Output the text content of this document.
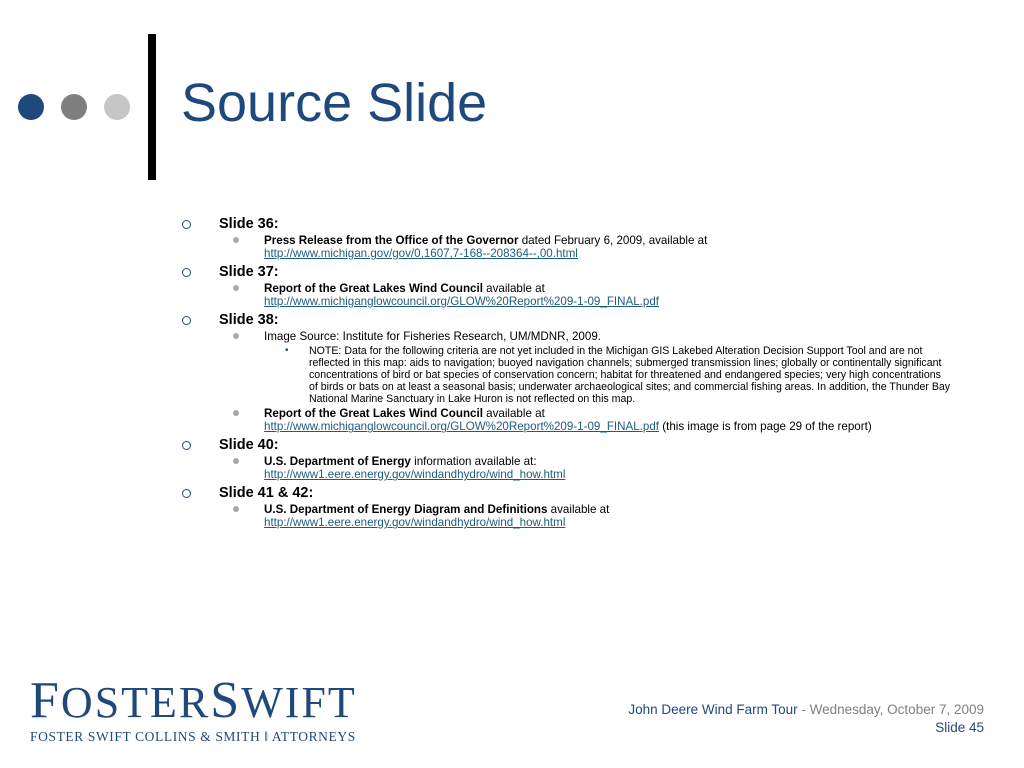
Source Slide
Slide 36:
Press Release from the Office of the Governor dated February 6, 2009, available at
http://www.michigan.gov/gov/0,1607,7-168--208364--,00.html
Slide 37:
Report of the Great Lakes Wind Council available at
http://www.michiganglowcouncil.org/GLOW%20Report%209-1-09_FINAL.pdf
Slide 38:
Image Source: Institute for Fisheries Research, UM/MDNR, 2009.
• NOTE: Data for the following criteria are not yet included in the Michigan GIS Lakebed Alteration Decision Support Tool and are not reflected in this map: aids to navigation; buoyed navigation channels; submerged transmission lines; globally or continentally significant concentrations of bird or bat species of conservation concern; habitat for threatened and endangered species; very high concentrations of birds or bats on at least a seasonal basis; underwater archaeological sites; and commercial fishing areas. In addition, the Thunder Bay National Marine Sanctuary in Lake Huron is not reflected on this map.
Report of the Great Lakes Wind Council available at
http://www.michiganglowcouncil.org/GLOW%20Report%209-1-09_FINAL.pdf (this image is from page 29 of the report)
Slide 40:
U.S. Department of Energy information available at:
http://www1.eere.energy.gov/windandhydro/wind_how.html
Slide 41 & 42:
U.S. Department of Energy Diagram and Definitions available at
http://www1.eere.energy.gov/windandhydro/wind_how.html
FOSTERSWIFT
FOSTER SWIFT COLLINS & SMITH ‖ ATTORNEYS
John Deere Wind Farm Tour - Wednesday, October 7, 2009
Slide 45
